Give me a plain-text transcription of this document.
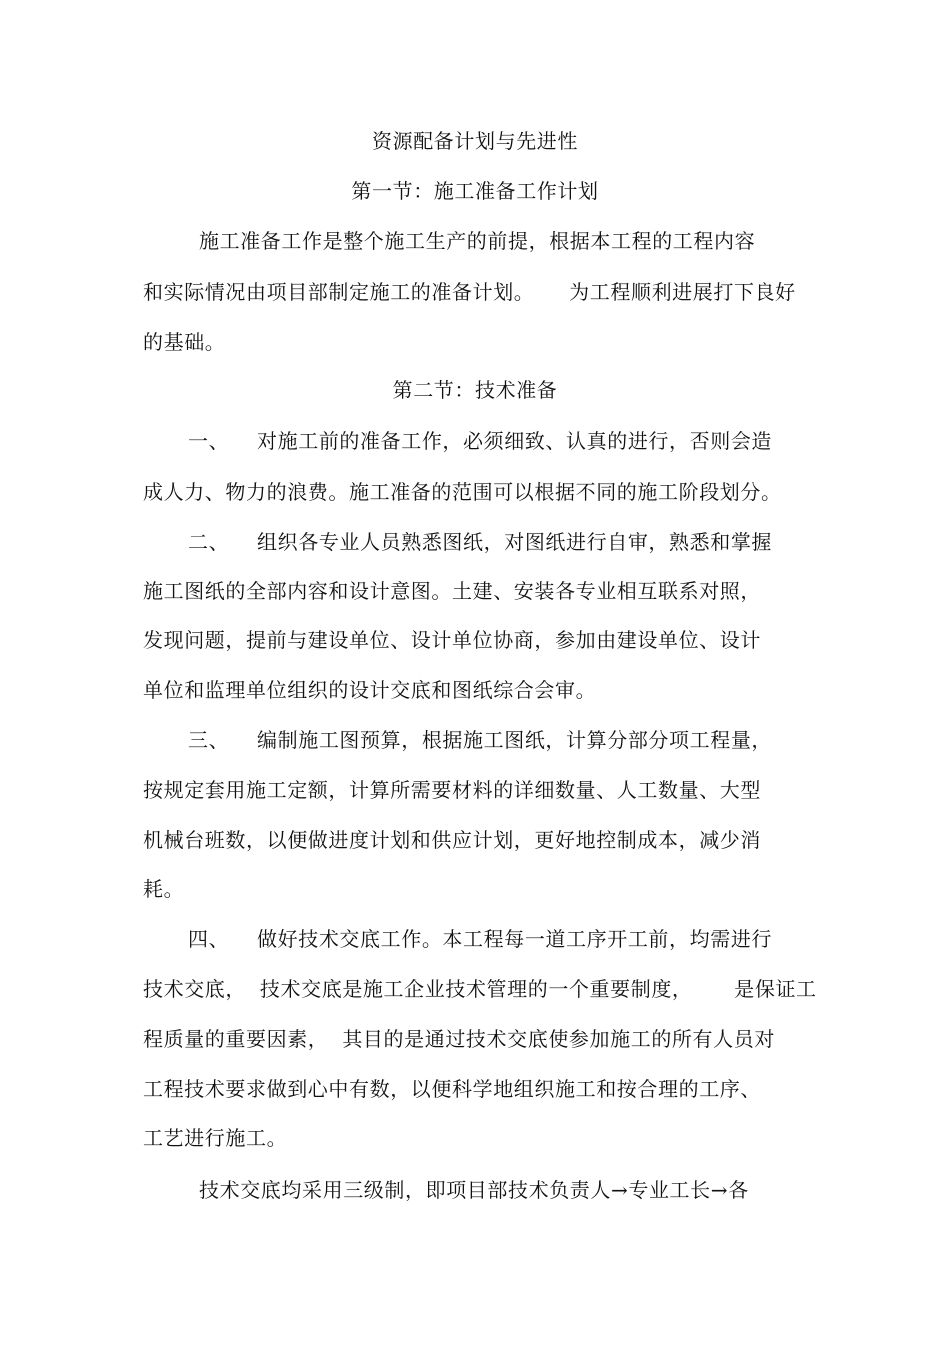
资源配备计划与先进性
第一节：施工准备工作计划
施工准备工作是整个施工生产的前提，根据本工程的工程内容
和实际情况由项目部制定施工的准备计划。     为工程顺利进展打下良好
的基础。
第二节：技术准备
一、    对施工前的准备工作，必须细致、认真的进行，否则会造
成人力、物力的浪费。施工准备的范围可以根据不同的施工阶段划分。
二、    组织各专业人员熟悉图纸，对图纸进行自审，熟悉和掌握
施工图纸的全部内容和设计意图。土建、安装各专业相互联系对照，
发现问题，提前与建设单位、设计单位协商，参加由建设单位、设计
单位和监理单位组织的设计交底和图纸综合会审。
三、    编制施工图预算，根据施工图纸，计算分部分项工程量，
按规定套用施工定额，计算所需要材料的详细数量、人工数量、大型
机械台班数，以便做进度计划和供应计划，更好地控制成本，减少消
耗。
四、    做好技术交底工作。本工程每一道工序开工前，均需进行
技术交底，  技术交底是施工企业技术管理的一个重要制度，      是保证工
程质量的重要因素，  其目的是通过技术交底使参加施工的所有人员对
工程技术要求做到心中有数，以便科学地组织施工和按合理的工序、
工艺进行施工。
技术交底均采用三级制，即项目部技术负责人→专业工长→各
